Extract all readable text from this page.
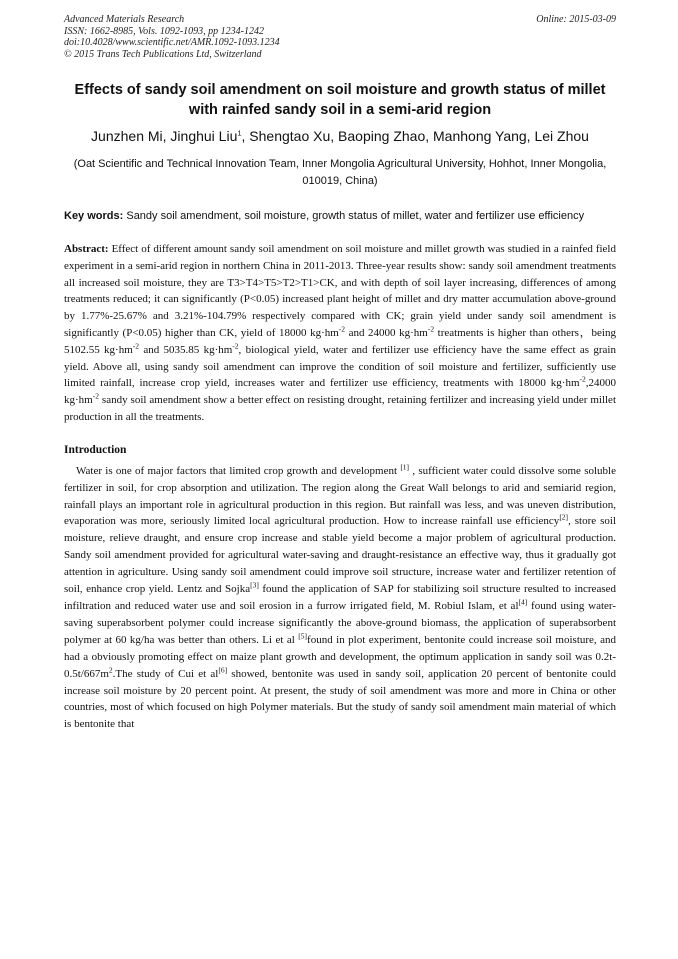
Advanced Materials Research
ISSN: 1662-8985, Vols. 1092-1093, pp 1234-1242
doi:10.4028/www.scientific.net/AMR.1092-1093.1234
© 2015 Trans Tech Publications Ltd, Switzerland
Online: 2015-03-09
Effects of sandy soil amendment on soil moisture and growth status of millet with rainfed sandy soil in a semi-arid region
Junzhen Mi, Jinghui Liu$^1$, Shengtao Xu, Baoping Zhao, Manhong Yang, Lei Zhou
(Oat Scientific and Technical Innovation Team, Inner Mongolia Agricultural University, Hohhot, Inner Mongolia, 010019, China)
Key words: Sandy soil amendment, soil moisture, growth status of millet, water and fertilizer use efficiency
Abstract: Effect of different amount sandy soil amendment on soil moisture and millet growth was studied in a rainfed field experiment in a semi-arid region in northern China in 2011-2013. Three-year results show: sandy soil amendment treatments all increased soil moisture, they are T3>T4>T5>T2>T1>CK, and with depth of soil layer increasing, differences of among treatments reduced; it can significantly (P<0.05) increased plant height of millet and dry matter accumulation above-ground by 1.77%-25.67% and 3.21%-104.79% respectively compared with CK; grain yield under sandy soil amendment is significantly (P<0.05) higher than CK, yield of 18000 $kg\cdot hm^{-2}$ and 24000 $kg\cdot hm^{-2}$ treatments is higher than others，being 5102.55 $kg\cdot hm^{-2}$ and 5035.85 $kg\cdot hm^{-2}$, biological yield, water and fertilizer use efficiency have the same effect as grain yield. Above all, using sandy soil amendment can improve the condition of soil moisture and fertilizer, sufficiently use limited rainfall, increase crop yield, increases water and fertilizer use efficiency, treatments with 18000 $kg\cdot hm^{-2},24000$ $kg\cdot hm^{-2}$ sandy soil amendment show a better effect on resisting drought, retaining fertilizer and increasing yield under millet production in all the treatments.
Introduction
Water is one of major factors that limited crop growth and development [1] , sufficient water could dissolve some soluble fertilizer in soil, for crop absorption and utilization. The region along the Great Wall belongs to arid and semiarid region, rainfall plays an important role in agricultural production in this region. But rainfall was less, and was uneven distribution, evaporation was more, seriously limited local agricultural production. How to increase rainfall use efficiency[2], store soil moisture, relieve draught, and ensure crop increase and stable yield become a major problem of agricultural production. Sandy soil amendment provided for agricultural water-saving and draught-resistance an effective way, thus it gradually got attention in agriculture. Using sandy soil amendment could improve soil structure, increase water and fertilizer retention of soil, enhance crop yield. Lentz and Sojka[3] found the application of SAP for stabilizing soil structure resulted to increased infiltration and reduced water use and soil erosion in a furrow irrigated field, M. Robiul Islam, et al[4] found using water-saving superabsorbent polymer could increase significantly the above-ground biomass, the application of superabsorbent polymer at 60 kg/ha was better than others. Li et al [5]found in plot experiment, bentonite could increase soil moisture, and had a obviously promoting effect on maize plant growth and development, the optimum application in sandy soil was $0.2t-0.5t/667m^2.The$ study of Cui et al[6] showed, bentonite was used in sandy soil, application 20 percent of bentonite could increase soil moisture by 20 percent point. At present, the study of soil amendment was more and more in China or other countries, most of which focused on high Polymer materials. But the study of sandy soil amendment main material of which is bentonite that
